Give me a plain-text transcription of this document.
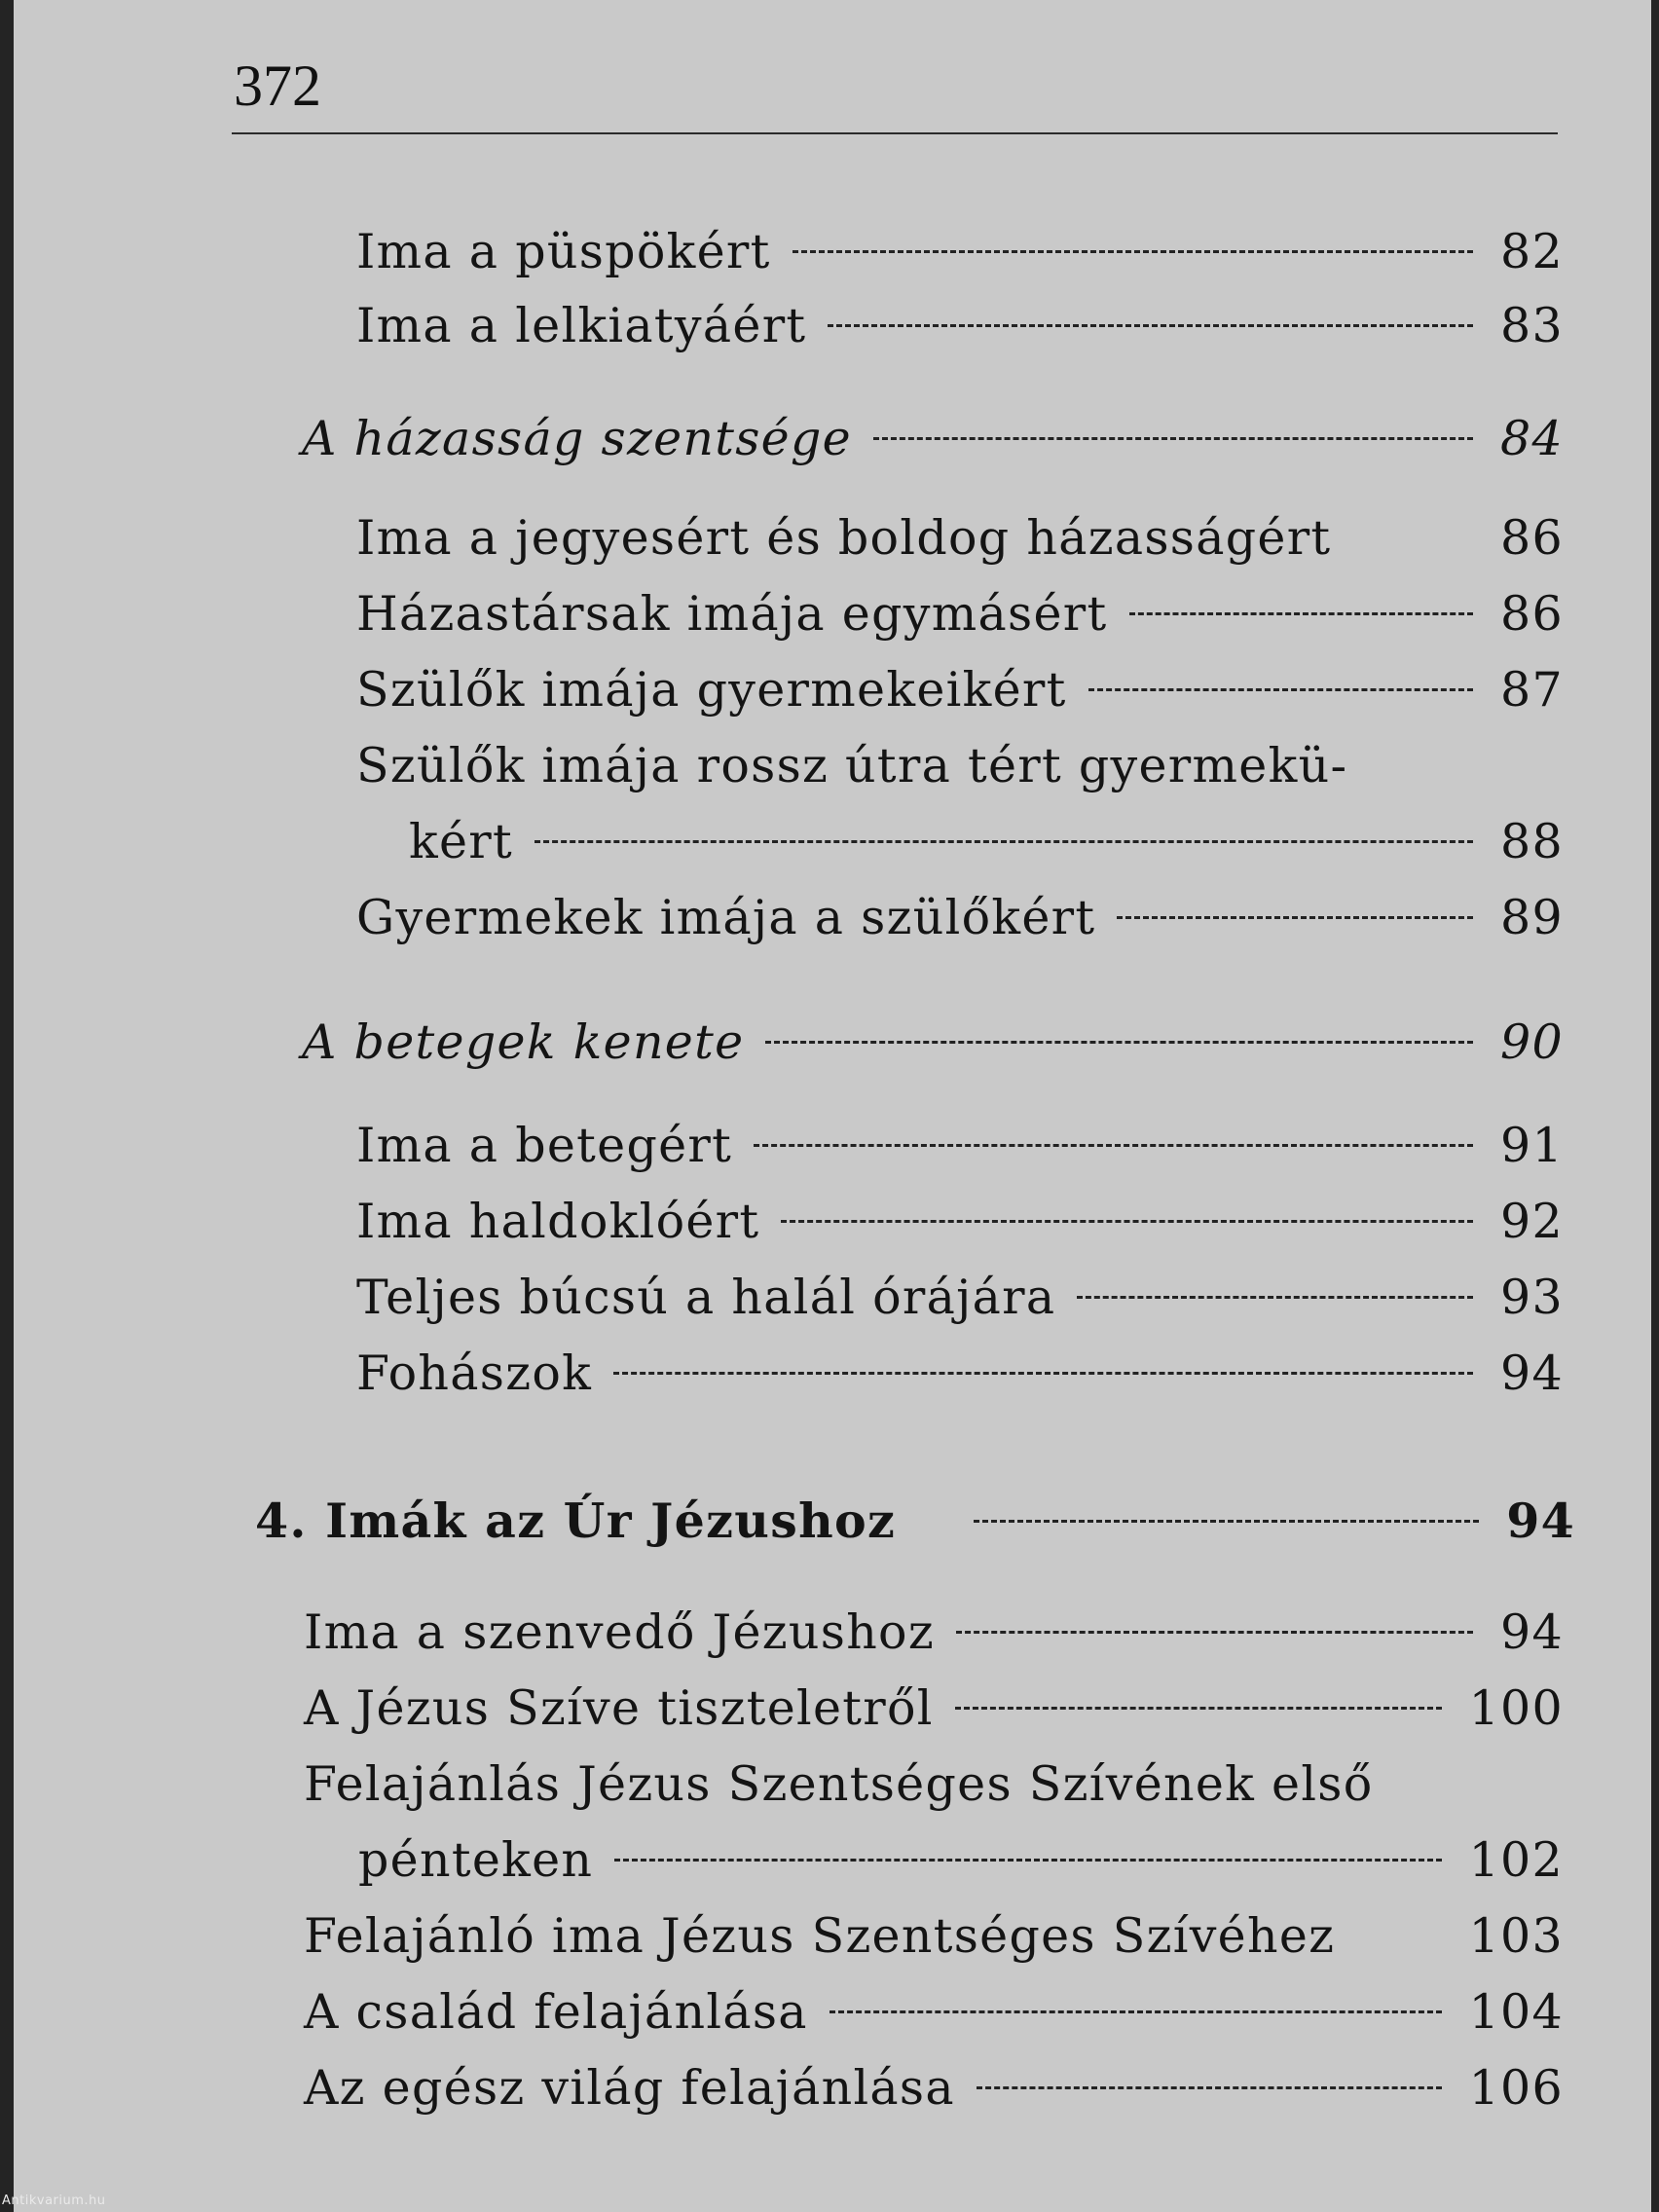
372
Ima a püspökért	82
Ima a lelkiatyáért	83
A házasság szentsége	84
Ima a jegyesért és boldog házasságért	86
Házastársak imája egymásért	86
Szülők imája gyermekeikért	87
Szülők imája rossz útra tért gyermekü-
kért	88
Gyermekek imája a szülőkért	89
A betegek kenete	90
Ima a betegért	91
Ima haldoklóért	92
Teljes búcsú a halál órájára	93
Fohászok	94
4. Imák az Úr Jézushoz	94
Ima a szenvedő Jézushoz	94
A Jézus Szíve tiszteletről	100
Felajánlás Jézus Szentséges Szívének első
pénteken	102
Felajánló ima Jézus Szentséges Szívéhez	103
A család felajánlása	104
Az egész világ felajánlása	106
Antikvarium.hu
